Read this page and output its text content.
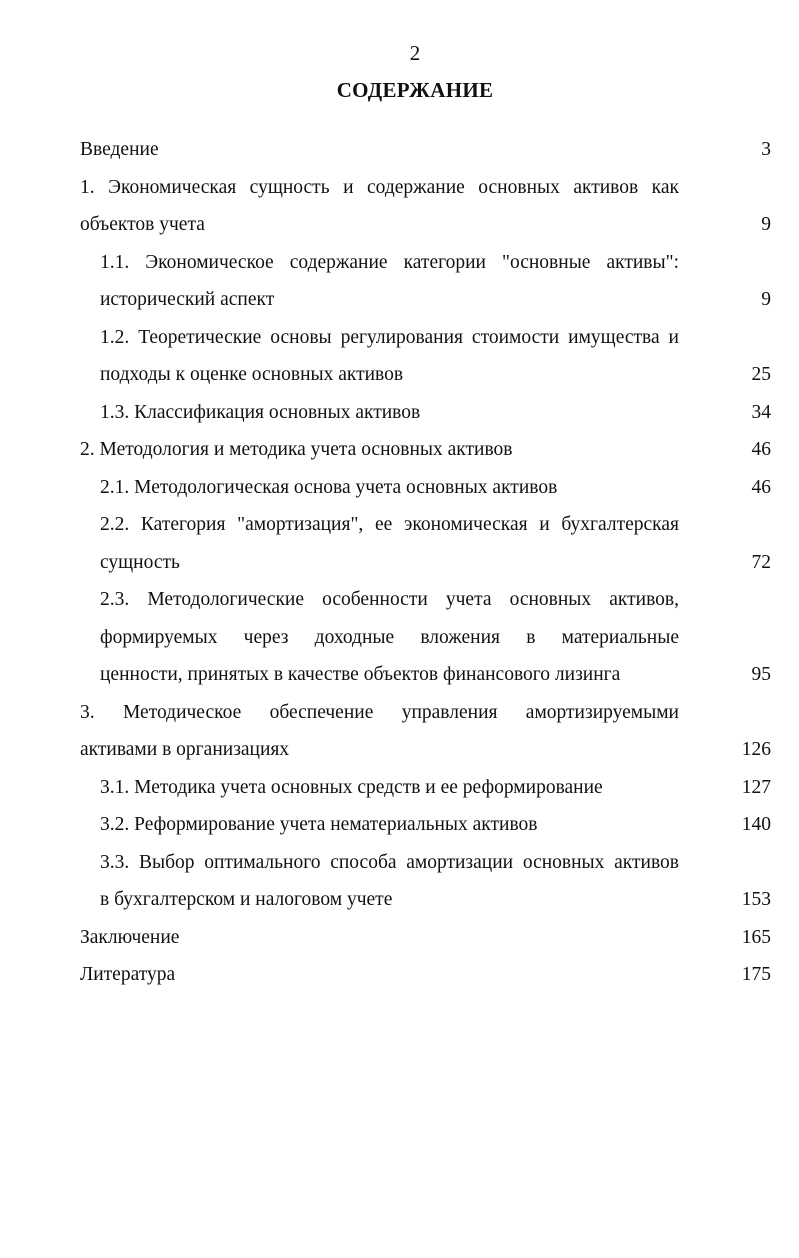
2
СОДЕРЖАНИЕ
Введение	3
1. Экономическая сущность и содержание основных активов как
объектов учета	9
1.1. Экономическое содержание категории "основные активы":
исторический аспект	9
1.2. Теоретические основы регулирования стоимости имущества и
подходы к оценке основных активов	25
1.3. Классификация основных активов	34
2. Методология и методика учета основных активов	46
2.1. Методологическая основа учета основных активов	46
2.2. Категория "амортизация", ее экономическая и бухгалтерская
сущность	72
2.3. Методологические особенности учета основных активов,
формируемых через доходные вложения в материальные
ценности, принятых в качестве объектов финансового лизинга	95
3. Методическое обеспечение управления амортизируемыми
активами в организациях	126
3.1. Методика учета основных средств и ее реформирование	127
3.2. Реформирование учета нематериальных активов	140
3.3. Выбор оптимального способа амортизации основных активов
в бухгалтерском и налоговом учете	153
Заключение	165
Литература	175
